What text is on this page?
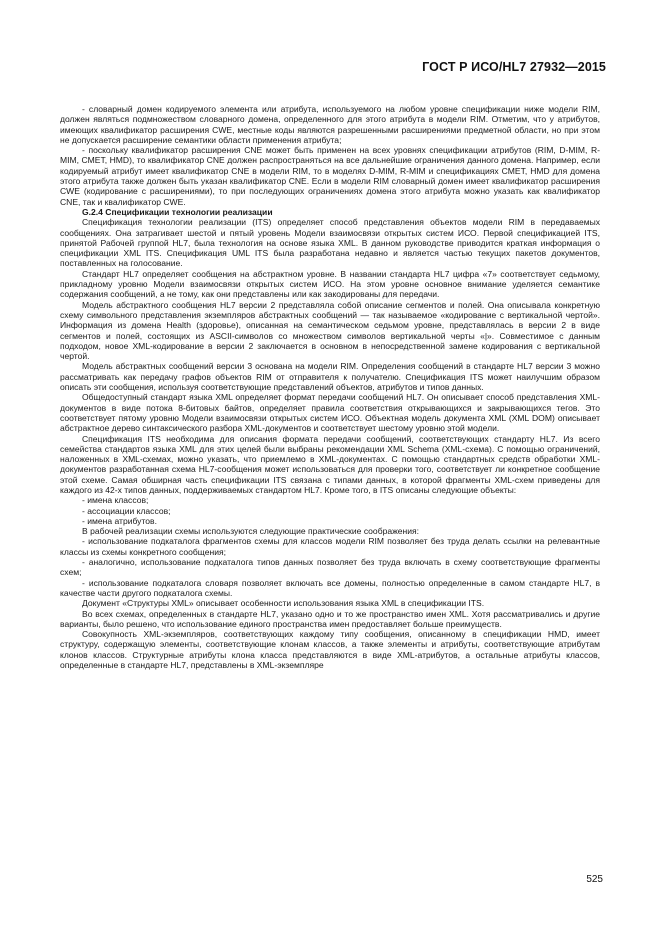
ГОСТ Р ИСО/HL7 27932—2015

- словарный домен кодируемого элемента или атрибута, используемого на любом уровне спецификации ниже модели RIM, должен являться подмножеством словарного домена, определенного для этого атрибута в модели RIM. Отметим, что у атрибутов, имеющих квалификатор расширения CWE, местные коды являются разрешенными расширениями предметной области, но при этом не допускается расширение семантики области применения атрибута;

- поскольку квалификатор расширения CNE может быть применен на всех уровнях спецификации атрибутов (RIM, D-MIM, R-MIM, CMET, HMD), то квалификатор CNE должен распространяться на все дальнейшие ограничения данного домена. Например, если кодируемый атрибут имеет квалификатор CNE в модели RIM, то в моделях D-MIM, R-MIM и спецификациях CMET, HMD для домена этого атрибута также должен быть указан квалификатор CNE. Если в модели RIM словарный домен имеет квалификатор расширения CWE (кодирование с расширениями), то при последующих ограничениях домена этого атрибута можно указать как квалификатор CNE, так и квалификатор CWE.

G.2.4 Спецификации технологии реализации

Спецификация технологии реализации (ITS) определяет способ представления объектов модели RIM в передаваемых сообщениях. Она затрагивает шестой и пятый уровень Модели взаимосвязи открытых систем ИСО. Первой спецификацией ITS, принятой Рабочей группой HL7, была технология на основе языка XML. В данном руководстве приводится краткая информация о спецификации XML ITS. Спецификация UML ITS была разработана недавно и является частью текущих пакетов документов, поставленных на голосование.

Стандарт HL7 определяет сообщения на абстрактном уровне. В названии стандарта HL7 цифра «7» соответствует седьмому, прикладному уровню Модели взаимосвязи открытых систем ИСО. На этом уровне основное внимание уделяется семантике содержания сообщений, а не тому, как они представлены или как закодированы для передачи.

Модель абстрактного сообщения HL7 версии 2 представляла собой описание сегментов и полей. Она описывала конкретную схему символьного представления экземпляров абстрактных сообщений — так называемое «кодирование с вертикальной чертой». Информация из домена Health (здоровье), описанная на семантическом седьмом уровне, представлялась в версии 2 в виде сегментов и полей, состоящих из ASCII-символов со множеством символов вертикальной черты «|». Совместимое с данным подходом, новое XML-кодирование в версии 2 заключается в основном в непосредственной замене кодирования с вертикальной чертой.

Модель абстрактных сообщений версии 3 основана на модели RIM. Определения сообщений в стандарте HL7 версии 3 можно рассматривать как передачу графов объектов RIM от отправителя к получателю. Спецификация ITS может наилучшим образом описать эти сообщения, используя соответствующие представлений объектов, атрибутов и типов данных.

Общедоступный стандарт языка XML определяет формат передачи сообщений HL7. Он описывает способ представления XML-документов в виде потока 8-битовых байтов, определяет правила соответствия открывающихся и закрывающихся тегов. Это соответствует пятому уровню Модели взаимосвязи открытых систем ИСО. Объектная модель документа XML (XML DOM) описывает абстрактное дерево синтаксического разбора XML-документов и соответствует шестому уровню этой модели.

Спецификация ITS необходима для описания формата передачи сообщений, соответствующих стандарту HL7. Из всего семейства стандартов языка XML для этих целей были выбраны рекомендации XML Schema (XML-схема). С помощью ограничений, наложенных в XML-схемах, можно указать, что приемлемо в XML-документах. С помощью стандартных средств обработки XML-документов разработанная схема HL7-сообщения может использоваться для проверки того, соответствует ли конкретное сообщение этой схеме. Самая обширная часть спецификации ITS связана с типами данных, в которой фрагменты XML-схем приведены для каждого из 42-х типов данных, поддерживаемых стандартом HL7. Кроме того, в ITS описаны следующие объекты:

- имена классов;

- ассоциации классов;

- имена атрибутов.

В рабочей реализации схемы используются следующие практические соображения:

- использование подкаталога фрагментов схемы для классов модели RIM позволяет без труда делать ссылки на релевантные классы из схемы конкретного сообщения;

- аналогично, использование подкаталога типов данных позволяет без труда включать в схему соответствующие фрагменты схем;

- использование подкаталога словаря позволяет включать все домены, полностью определенные в самом стандарте HL7, в качестве части другого подкаталога схемы.

Документ «Структуры XML» описывает особенности использования языка XML в спецификации ITS.

Во всех схемах, определенных в стандарте HL7, указано одно и то же пространство имен XML. Хотя рассматривались и другие варианты, было решено, что использование единого пространства имен предоставляет больше преимуществ.

Совокупность XML-экземпляров, соответствующих каждому типу сообщения, описанному в спецификации HMD, имеет структуру, содержащую элементы, соответствующие клонам классов, а также элементы и атрибуты, соответствующие атрибутам клонов классов. Структурные атрибуты клона класса представляются в виде XML-атрибутов, а остальные атрибуты классов, определенные в стандарте HL7, представлены в XML-экземпляре

525
